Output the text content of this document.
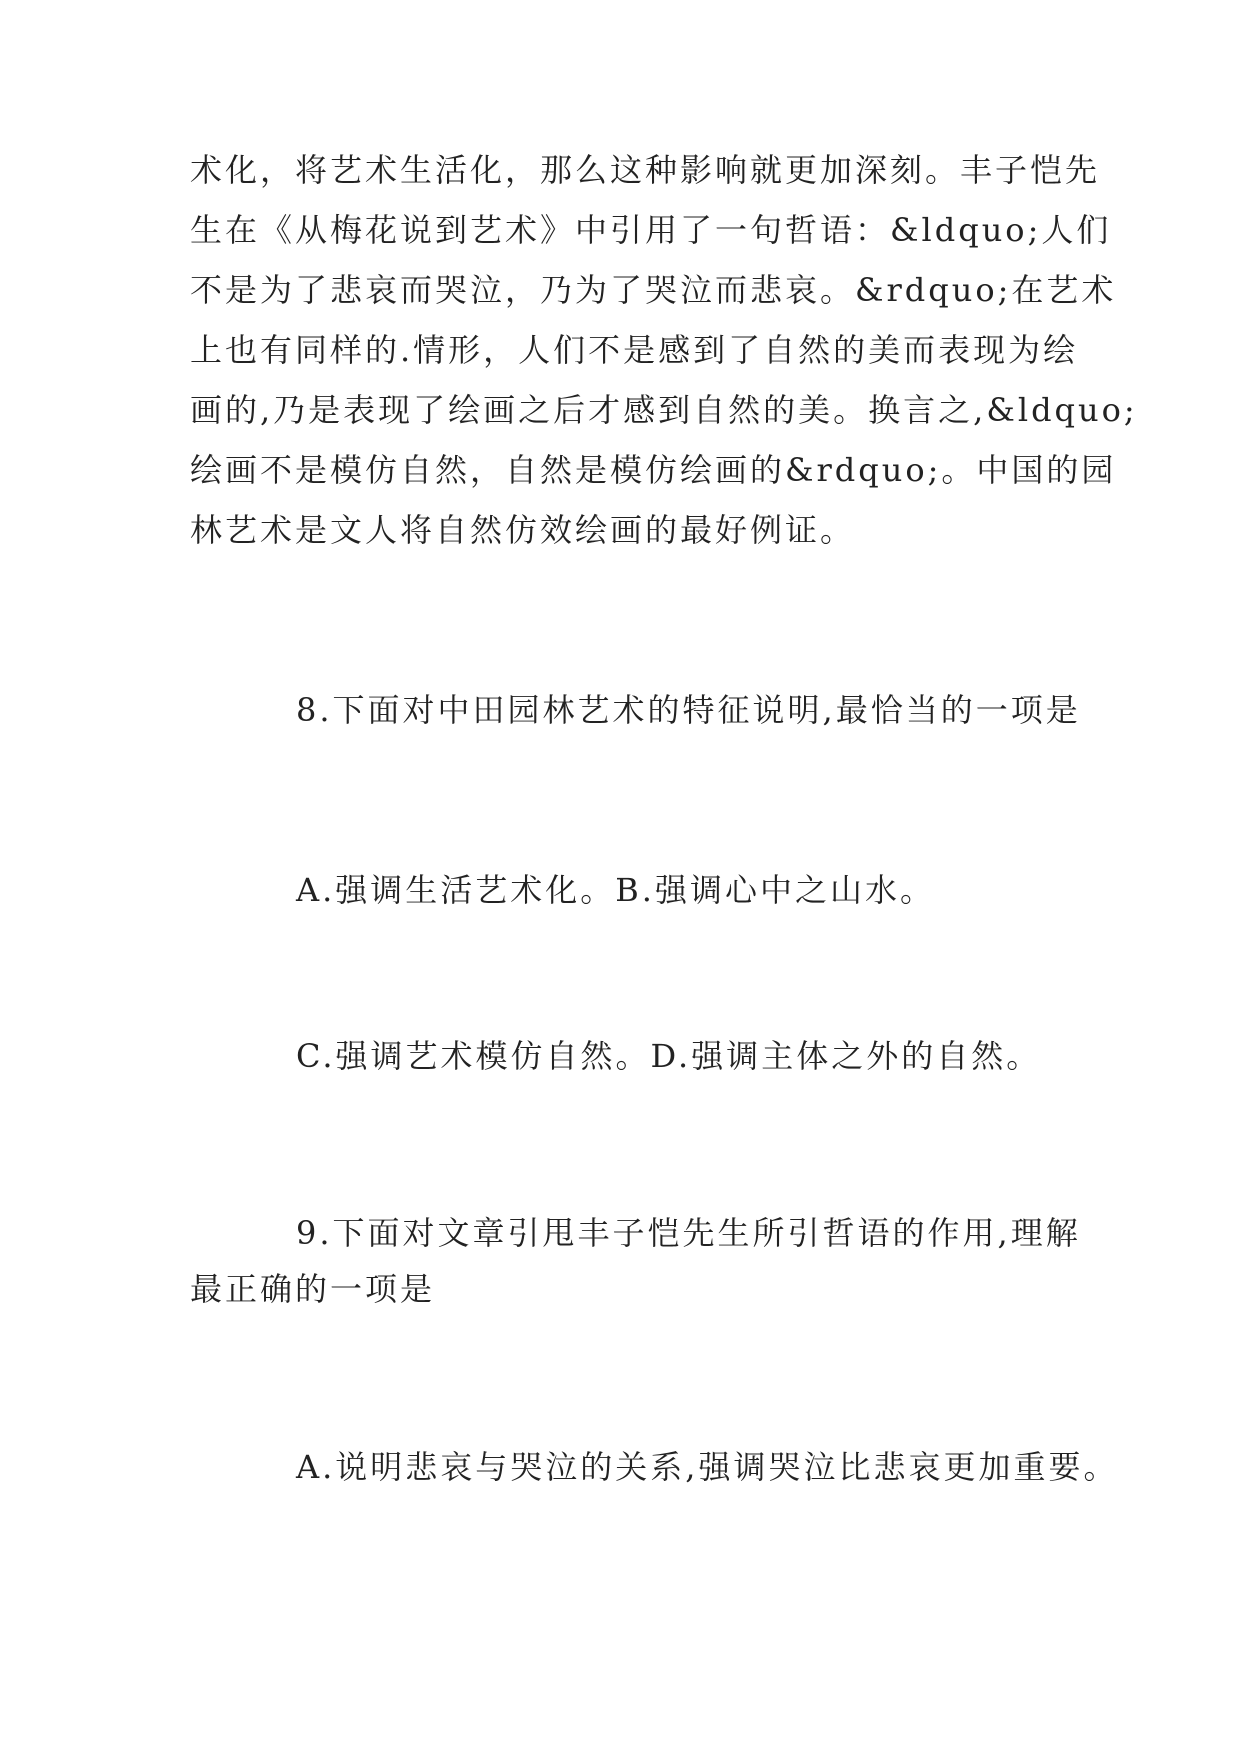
术化，将艺术生活化，那么这种影响就更加深刻。丰子恺先
生在《从梅花说到艺术》中引用了一句哲语：&ldquo;人们
不是为了悲哀而哭泣，乃为了哭泣而悲哀。&rdquo;在艺术
上也有同样的.情形，人们不是感到了自然的美而表现为绘
画的,乃是表现了绘画之后才感到自然的美。换言之,&ldquo;
绘画不是模仿自然，自然是模仿绘画的&rdquo;。中国的园
林艺术是文人将自然仿效绘画的最好例证。
8.下面对中田园林艺术的特征说明,最恰当的一项是
A.强调生活艺术化。B.强调心中之山水。
C.强调艺术模仿自然。D.强调主体之外的自然。
9.下面对文章引甩丰子恺先生所引哲语的作用,理解
最正确的一项是
A.说明悲哀与哭泣的关系,强调哭泣比悲哀更加重要。
